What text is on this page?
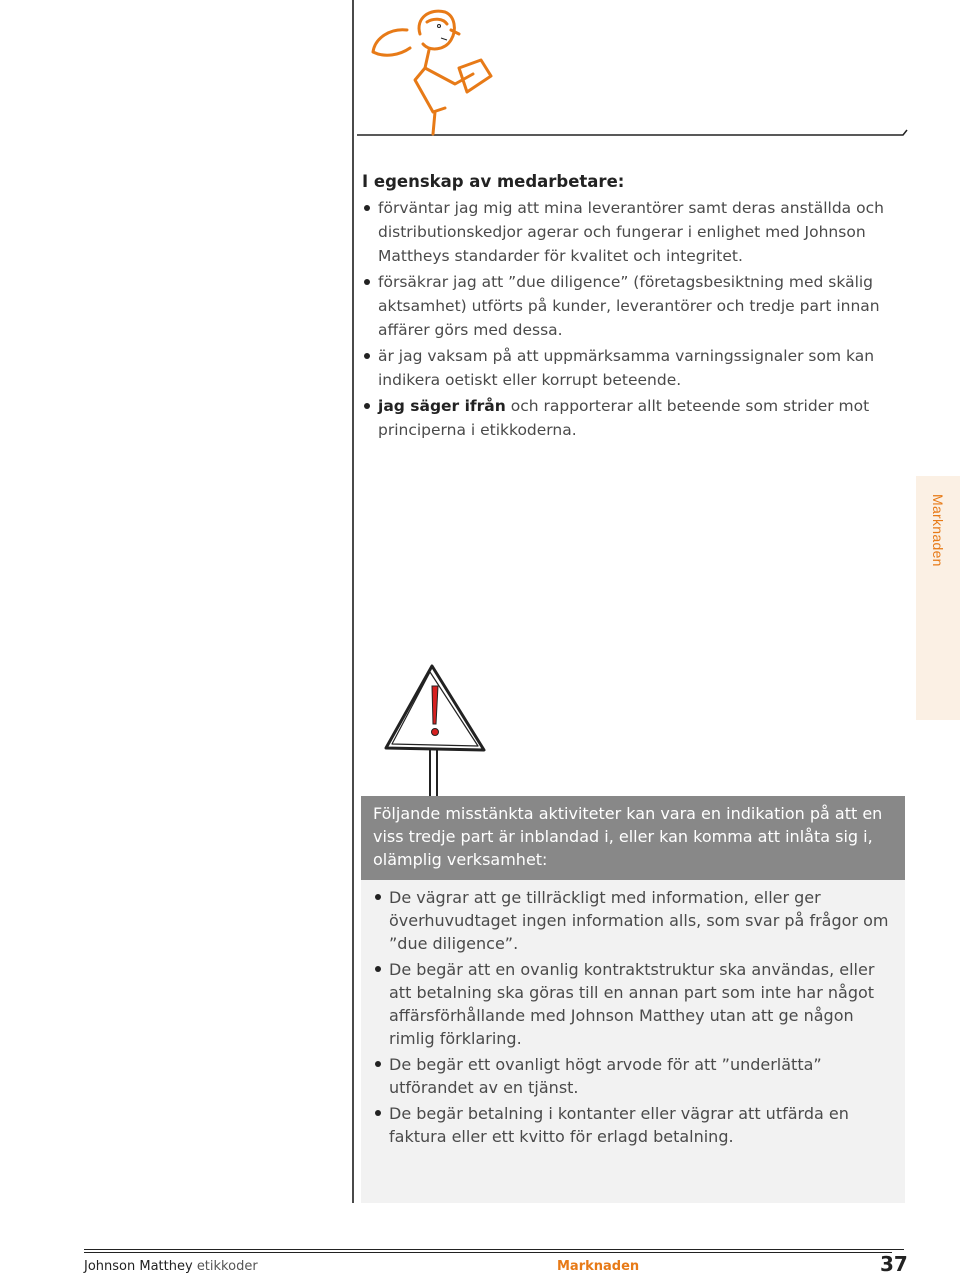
I egenskap av medarbetare:
förväntar jag mig att mina leverantörer samt deras anställda och distributionskedjor agerar och fungerar i enlighet med Johnson Mattheys standarder för kvalitet och integritet.
försäkrar jag att ”due diligence” (företagsbesiktning med skälig aktsamhet) utförts på kunder, leverantörer och tredje part innan affärer görs med dessa.
är jag vaksam på att uppmärksamma varningssignaler som kan indikera oetiskt eller korrupt beteende.
jag säger ifrån och rapporterar allt beteende som strider mot principerna i etikkoderna.
Marknaden
Följande misstänkta aktiviteter kan vara en indikation på att en viss tredje part är inblandad i, eller kan komma att inlåta sig i, olämplig verksamhet:
De vägrar att ge tillräckligt med information, eller ger överhuvudtaget ingen information alls, som svar på frågor om ”due diligence”.
De begär att en ovanlig kontraktstruktur ska användas, eller att betalning ska göras till en annan part som inte har något affärsförhållande med Johnson Matthey utan att ge någon rimlig förklaring.
De begär ett ovanligt högt arvode för att ”underlätta” utförandet av en tjänst.
De begär betalning i kontanter eller vägrar att utfärda en faktura eller ett kvitto för erlagd betalning.
Johnson Matthey etikkoder	Marknaden	37
